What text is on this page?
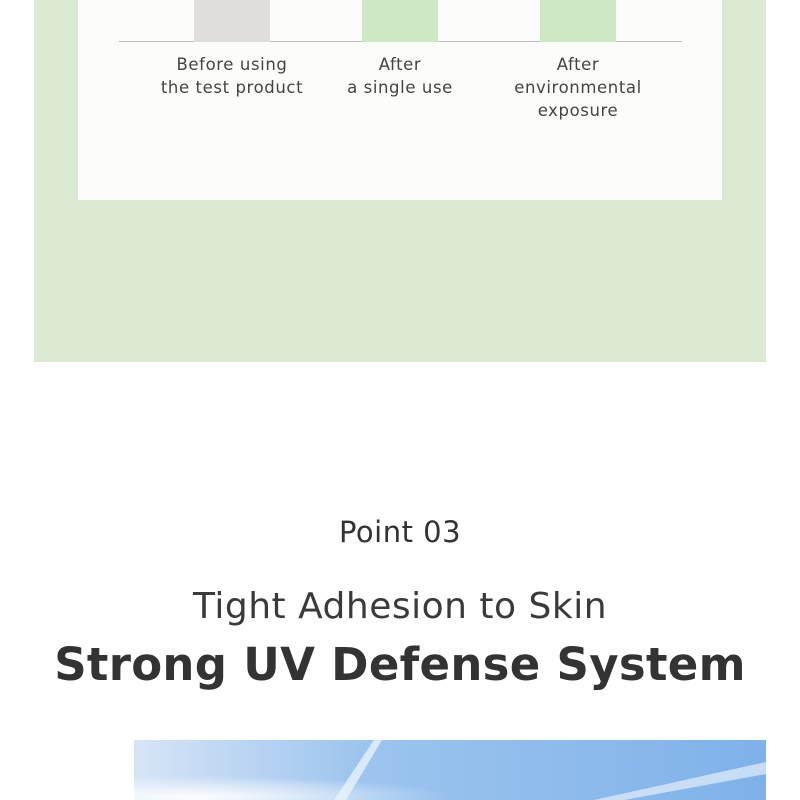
Before using
the test product
After
a single use
After
environmental
exposure
Point 03
Tight Adhesion to Skin
Strong UV Defense System
